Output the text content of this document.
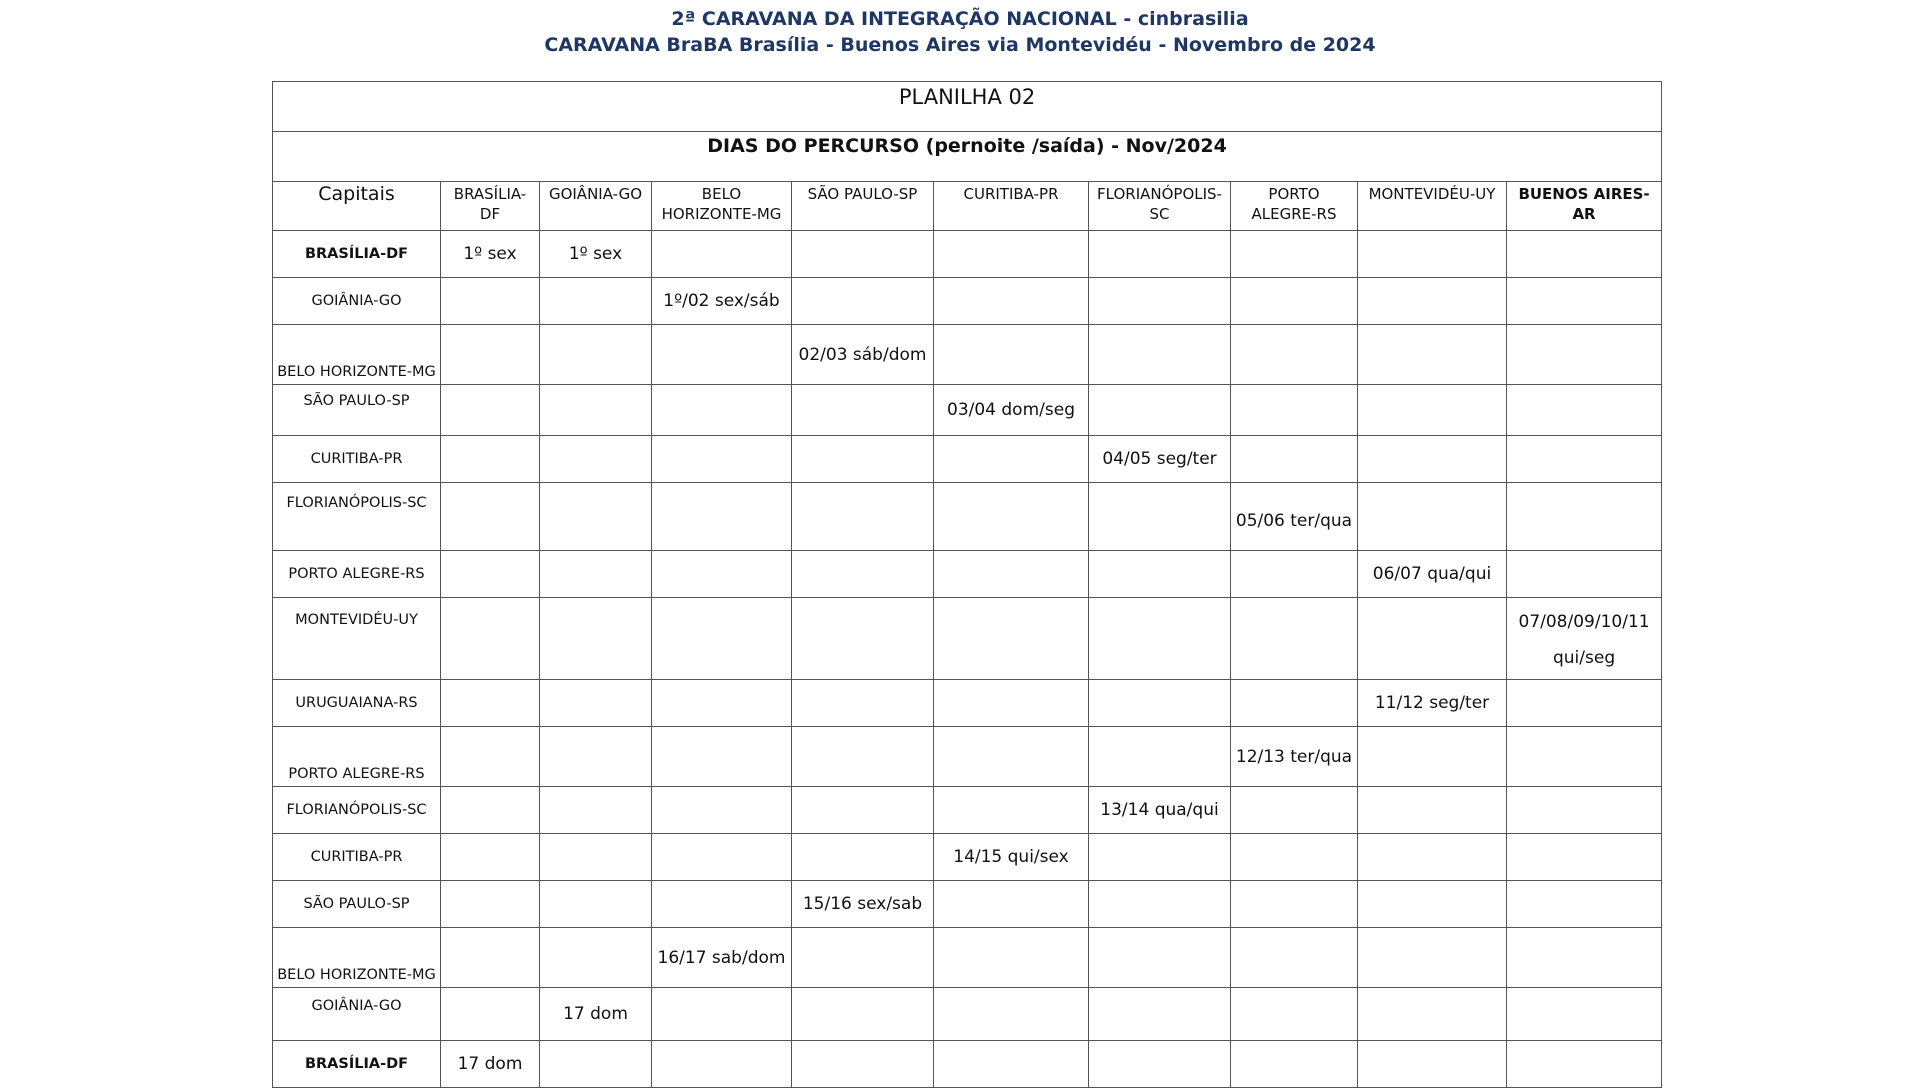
2ª CARAVANA DA INTEGRAÇÃO NACIONAL - cinbrasilia
CARAVANA BraBA Brasília - Buenos Aires via Montevidéu - Novembro de 2024
PLANILHA 02									
DIAS DO PERCURSO (pernoite /saída) - Nov/2024									
Capitais	BRASÍLIA-DF	GOIÂNIA-GO	BELO HORIZONTE-MG	SÃO PAULO-SP	CURITIBA-PR	FLORIANÓPOLIS-SC	PORTO ALEGRE-RS	MONTEVIDÉU-UY	BUENOS AIRES-AR
BRASÍLIA-DF	1º sex	1º sex							
GOIÂNIA-GO			1º/02 sex/sáb						
BELO HORIZONTE-MG				02/03 sáb/dom					
SÃO PAULO-SP					03/04 dom/seg				
CURITIBA-PR						04/05 seg/ter			
FLORIANÓPOLIS-SC							05/06 ter/qua		
PORTO ALEGRE-RS								06/07 qua/qui	
MONTEVIDÉU-UY									07/08/09/10/11 qui/seg
URUGUAIANA-RS								11/12 seg/ter	
PORTO ALEGRE-RS							12/13 ter/qua		
FLORIANÓPOLIS-SC						13/14 qua/qui			
CURITIBA-PR					14/15 qui/sex				
SÃO PAULO-SP				15/16 sex/sab					
BELO HORIZONTE-MG			16/17 sab/dom						
GOIÂNIA-GO		17 dom							
BRASÍLIA-DF	17 dom								
